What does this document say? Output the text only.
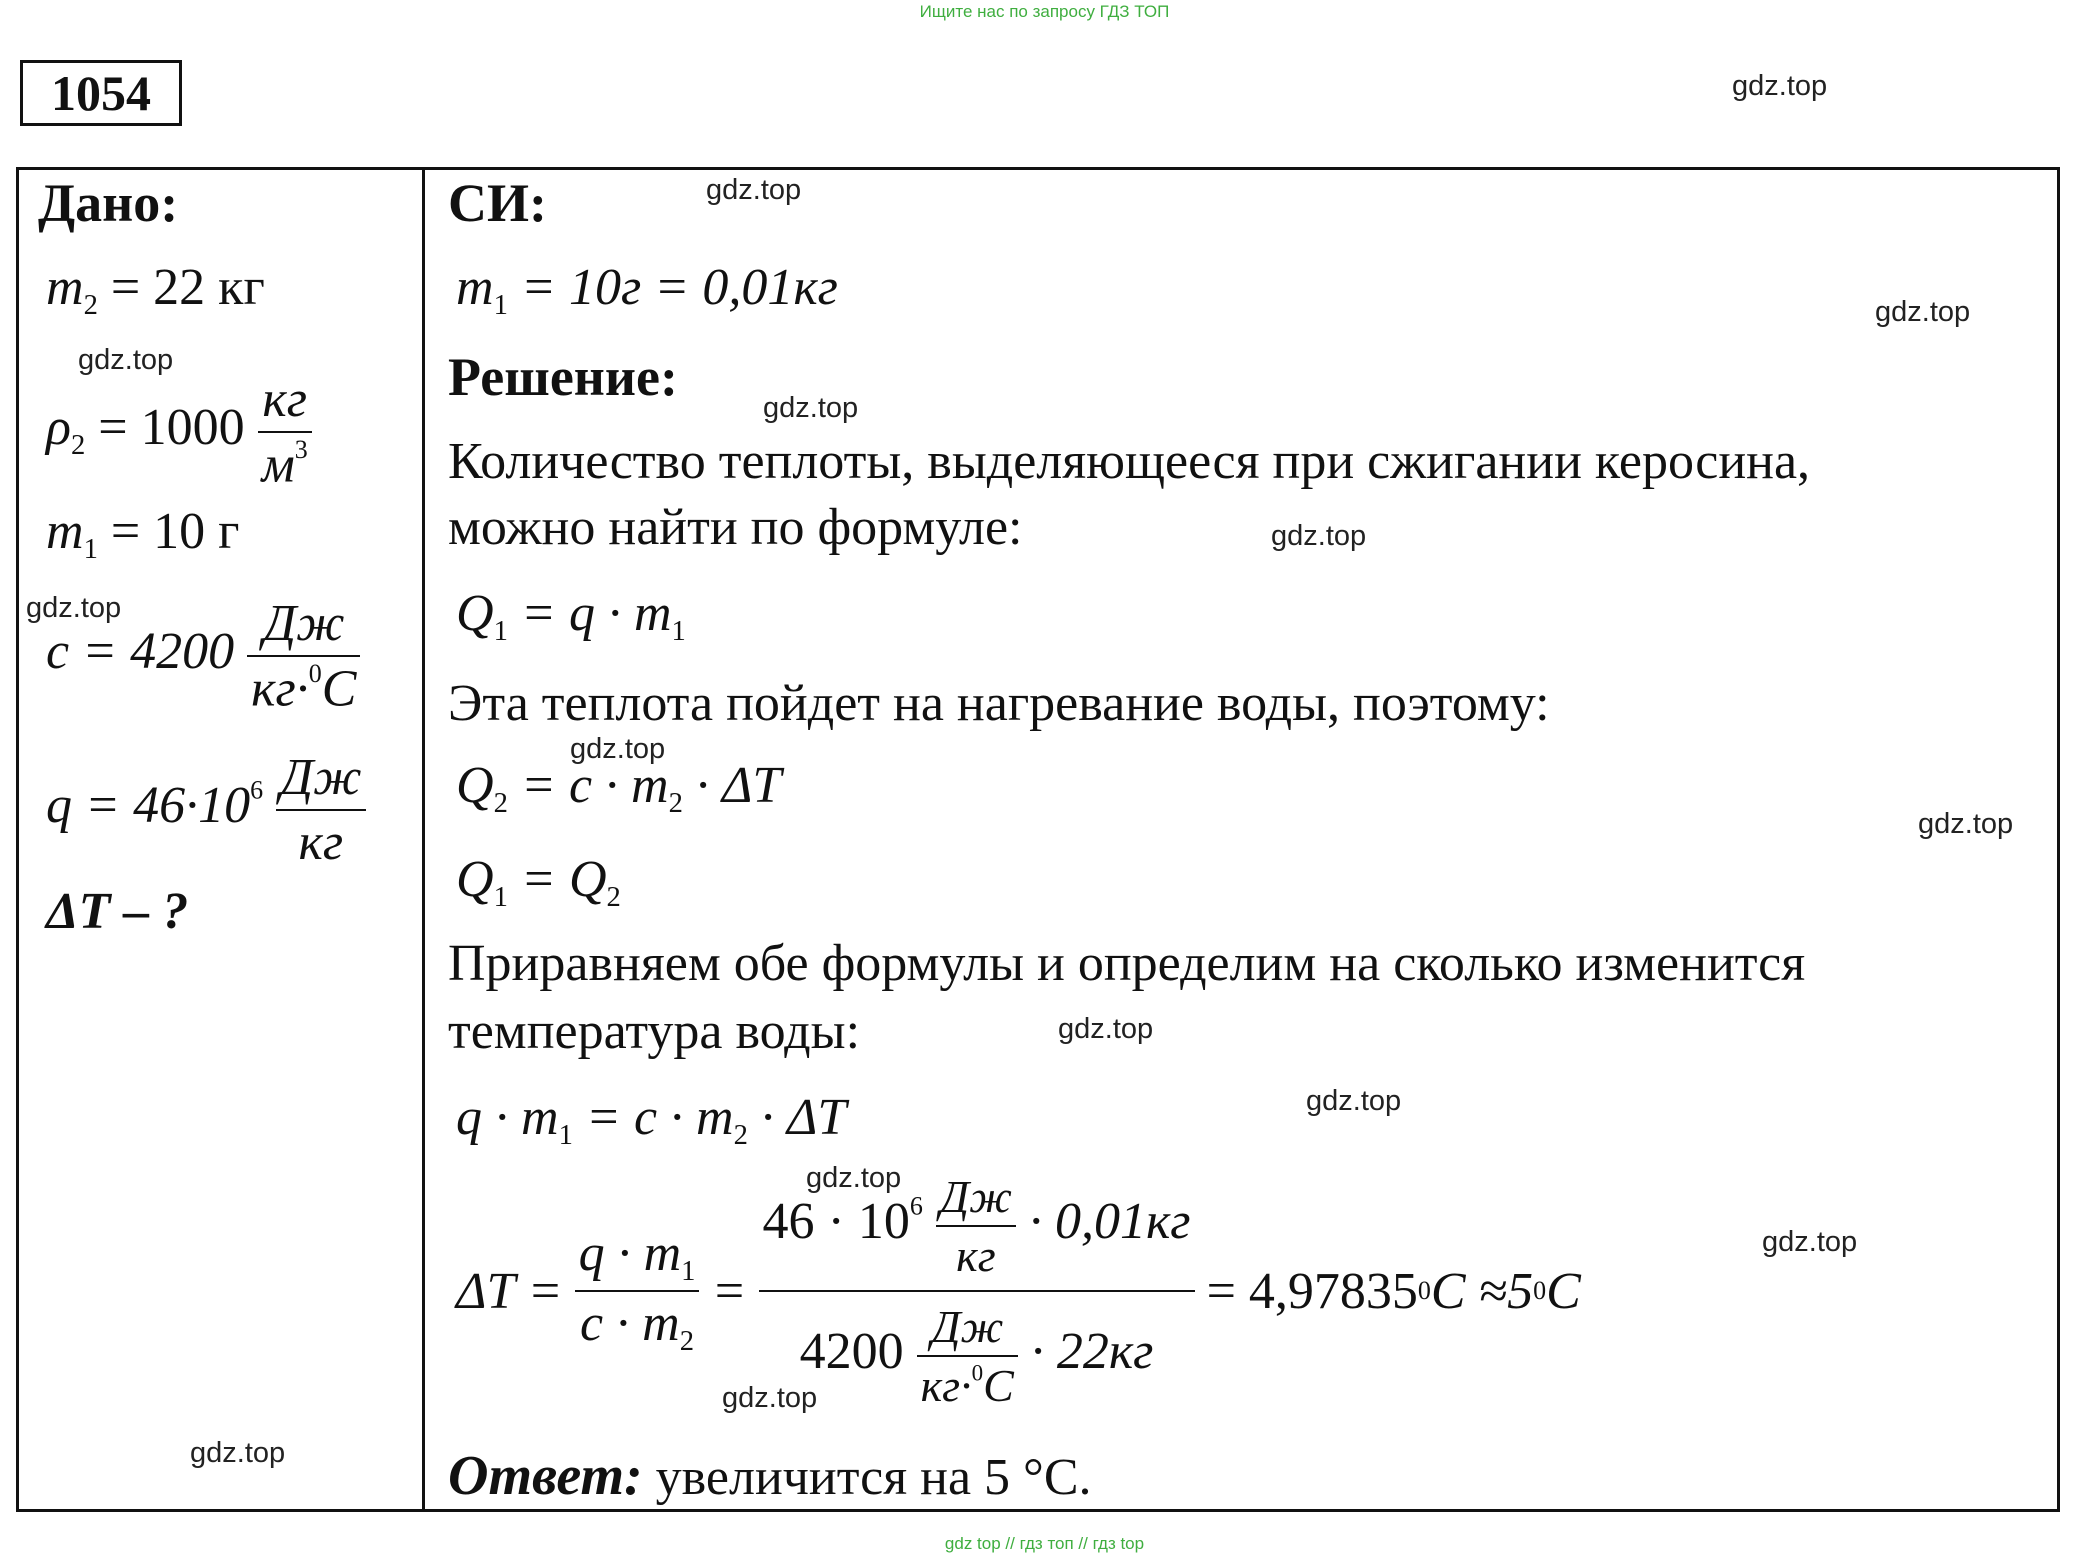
Ищите нас по запросу ГДЗ ТОП
1054	gdz.top
gdz.top
gdz.top
gdz.top
gdz.top
gdz.top
gdz.top
gdz.top
gdz.top
gdz.top
gdz.top
gdz.top
gdz.top
gdz.top
gdz.top
Дано:
$m_2 = 22$ кг
$\rho_2 = 1000 \frac{кг}{м^3}$
$m_1 = 10$ г
$c = 4200 \frac{Дж}{кг\cdot^0C}$
$q = 46\cdot 10^6 \frac{Дж}{кг}$
ΔT – ?
СИ:
$m_1 = 10г = 0,01кг$
Решение:
Количество теплоты, выделяющееся при сжигании керосина,
можно найти по формуле:
$Q_1 = q \cdot m_1$
Эта теплота пойдет на нагревание воды, поэтому:
$Q_2 = c \cdot m_2 \cdot \Delta T$
$Q_1 = Q_2$
Приравняем обе формулы и определим на сколько изменится
температура воды:
$q \cdot m_1 = c \cdot m_2 \cdot \Delta T$
$\Delta T = \frac{q \cdot m_1}{c \cdot m_2} = \frac{46 \cdot 10^6 \frac{Дж}{кг} \cdot 0,01кг}{4200 \frac{Дж}{кг\cdot^0C} \cdot 22кг} = 4,97835$ 0 C ≈5 0 C
Ответ: увеличится на 5 °C.
gdz top // гдз топ // гдз top
